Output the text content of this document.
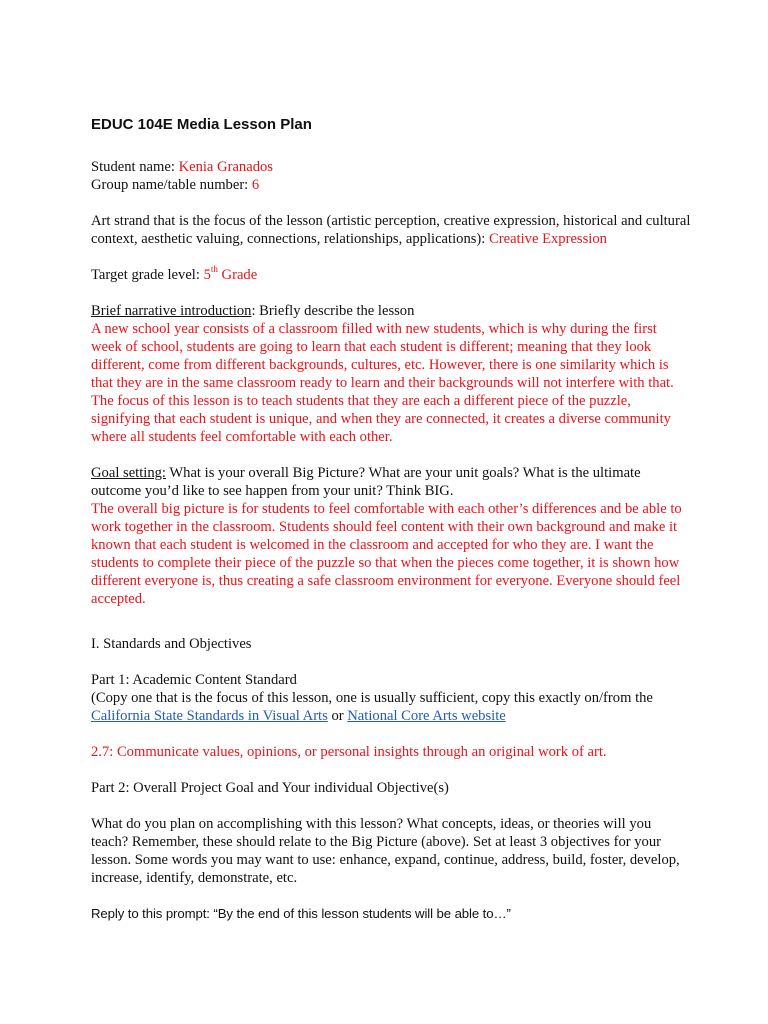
EDUC 104E Media Lesson Plan

Student name: Kenia Granados

Group name/table number: 6

Art strand that is the focus of the lesson (artistic perception, creative expression, historical and cultural context, aesthetic valuing, connections, relationships, applications): Creative Expression

Target grade level: 5th Grade

Brief narrative introduction: Briefly describe the lesson

A new school year consists of a classroom filled with new students, which is why during the first week of school, students are going to learn that each student is different; meaning that they look different, come from different backgrounds, cultures, etc. However, there is one similarity which is that they are in the same classroom ready to learn and their backgrounds will not interfere with that. The focus of this lesson is to teach students that they are each a different piece of the puzzle, signifying that each student is unique, and when they are connected, it creates a diverse community where all students feel comfortable with each other.

Goal setting: What is your overall Big Picture? What are your unit goals? What is the ultimate outcome you’d like to see happen from your unit? Think BIG.

The overall big picture is for students to feel comfortable with each other’s differences and be able to work together in the classroom. Students should feel content with their own background and make it known that each student is welcomed in the classroom and accepted for who they are. I want the students to complete their piece of the puzzle so that when the pieces come together, it is shown how different everyone is, thus creating a safe classroom environment for everyone. Everyone should feel accepted.

I. Standards and Objectives

Part 1: Academic Content Standard

(Copy one that is the focus of this lesson, one is usually sufficient, copy this exactly on/from the

California State Standards in Visual Arts or National Core Arts website

2.7: Communicate values, opinions, or personal insights through an original work of art.

Part 2: Overall Project Goal and Your individual Objective(s)

What do you plan on accomplishing with this lesson? What concepts, ideas, or theories will you teach? Remember, these should relate to the Big Picture (above). Set at least 3 objectives for your lesson. Some words you may want to use: enhance, expand, continue, address, build, foster, develop, increase, identify, demonstrate, etc.

Reply to this prompt: “By the end of this lesson students will be able to…”
